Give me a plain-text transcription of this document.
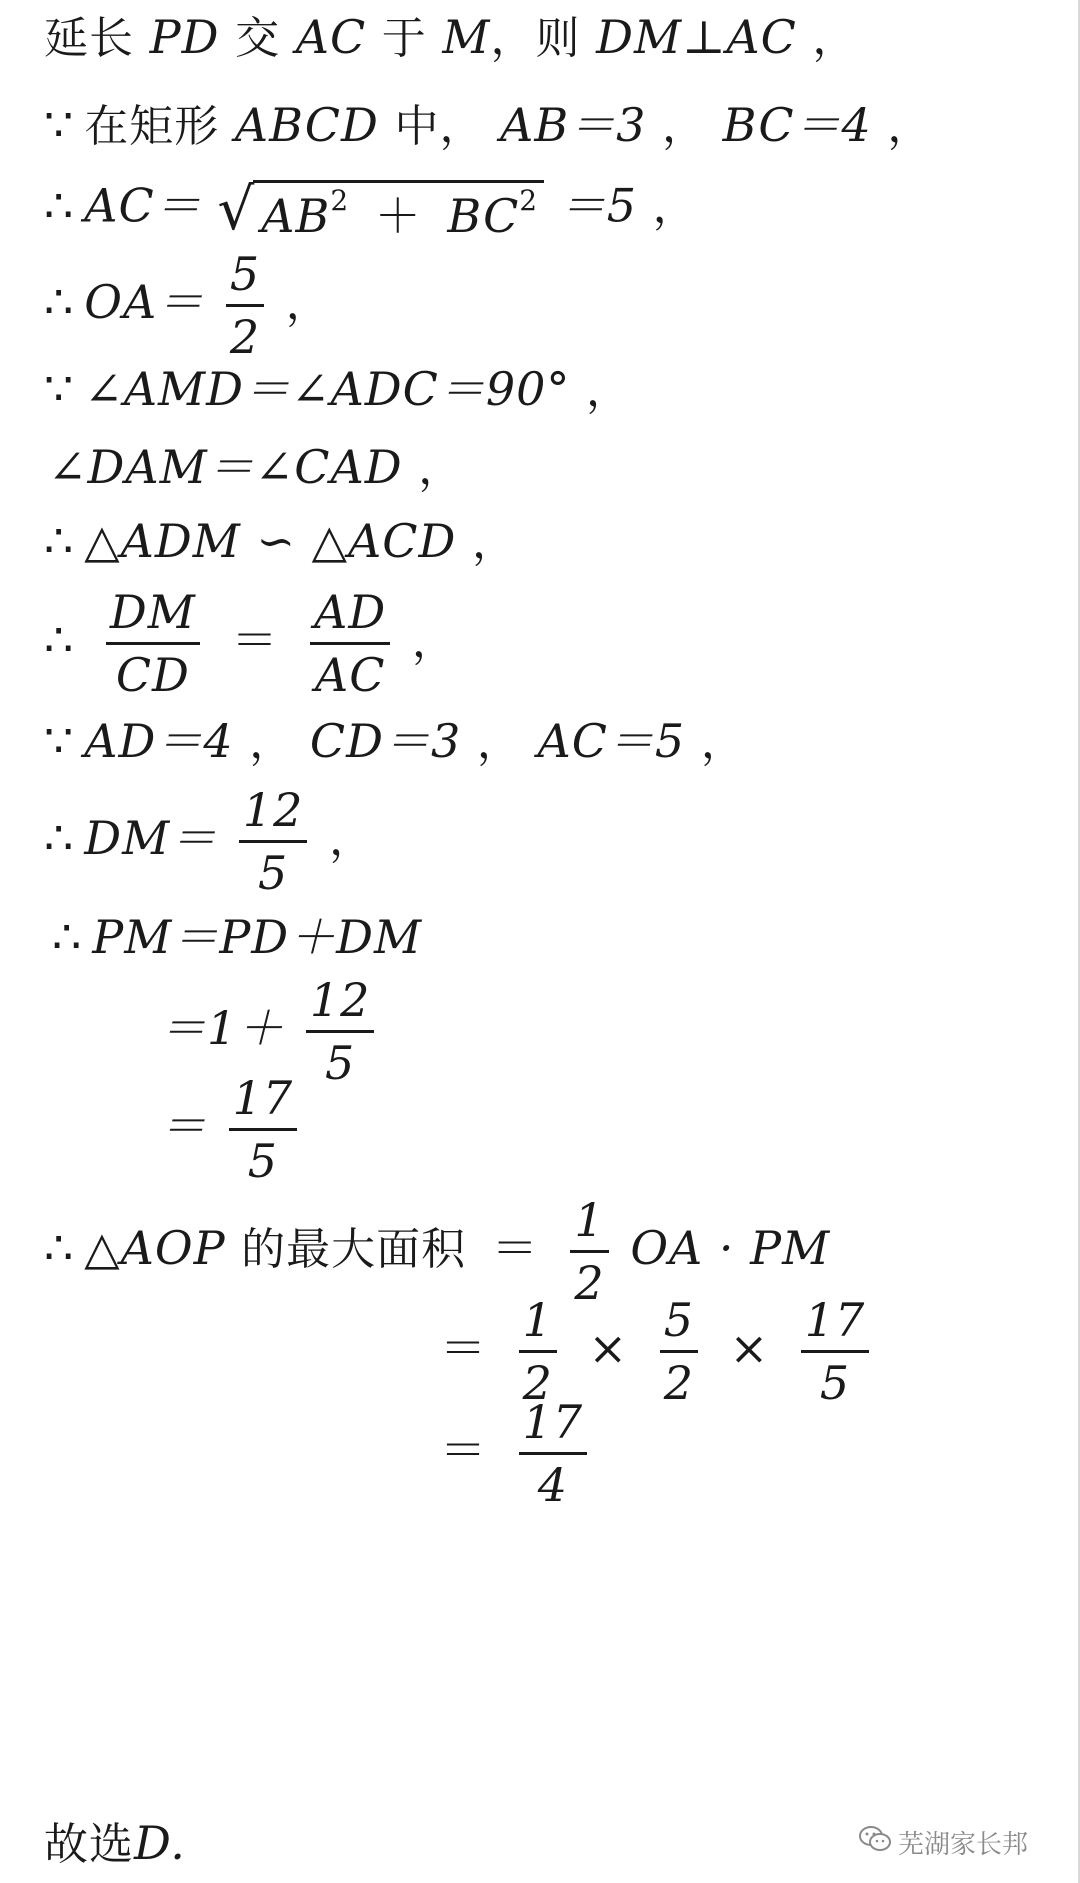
延长 PD 交 AC 于 M，则 DM⊥AC ，
∵ 在矩形 ABCD 中， AB＝3 ， BC＝4 ，
∴ AC＝ √ $AB^2 + BC^2 =5$ ，
∴ $OA= \frac{5}{2}$ ，
∵ ∠AMD＝∠ADC＝90° ，
∠DAM＝∠CAD ，
∴ △ADM ∽ △ACD ，
∴ $\frac{DM}{CD} = \frac{AD}{AC}$ ，
∵ AD＝4 ， CD＝3 ， AC＝5 ，
∴ $DM= \frac{12}{5}$ ，
∴ PM＝PD＋DM
$=1+ \frac{12}{5}$
＝ $\frac{17}{5}$
∴ △AOP 的最大面积 ＝ $\frac{1}{2}$ OA · PM
＝ $\frac{1}{2} \times \frac{5}{2} \times \frac{17}{5}$
＝ $\frac{17}{4}$
故选D.	芜湖家长邦
